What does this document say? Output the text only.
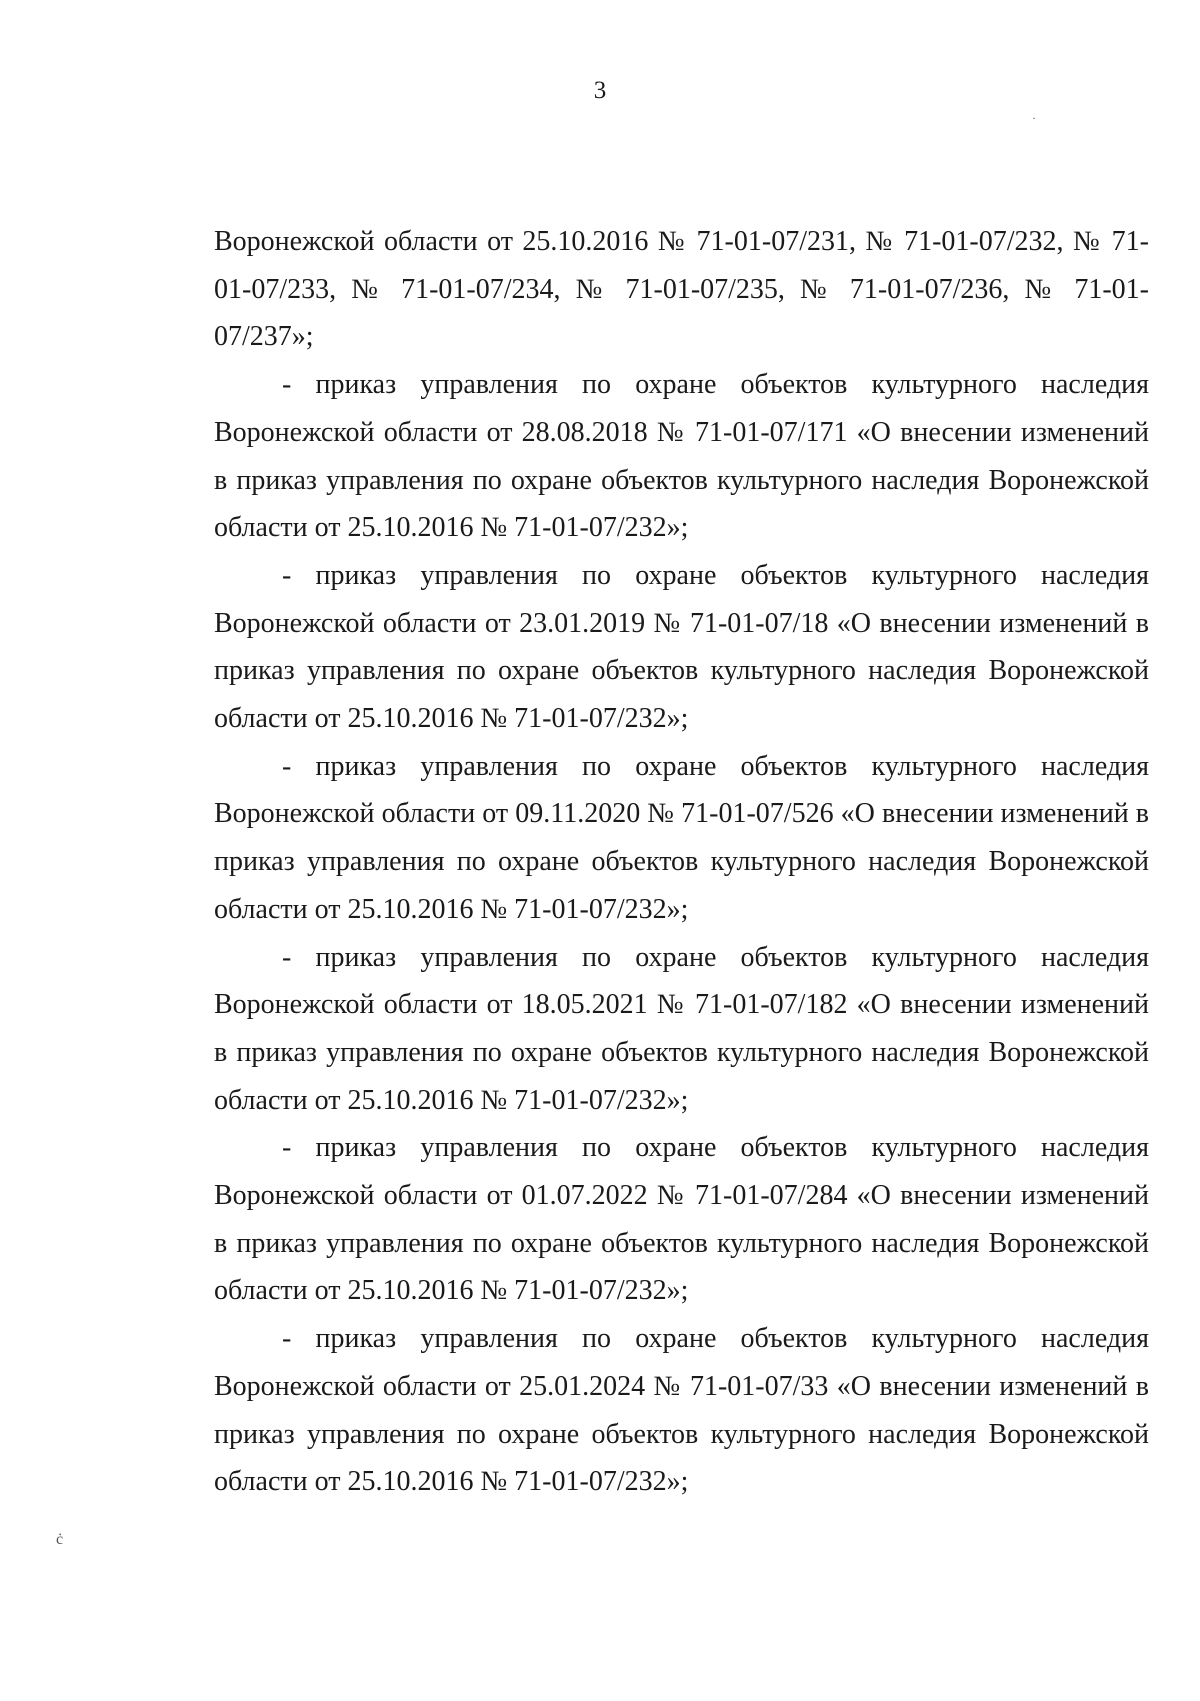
3

Воронежской области от 25.10.2016 № 71-01-07/231, № 71-01-07/232, № 71-01-07/233, № 71-01-07/234, № 71-01-07/235, № 71-01-07/236, № 71-01-07/237»;

- приказ управления по охране объектов культурного наследия Воронежской области от 28.08.2018 № 71-01-07/171 «О внесении изменений в приказ управления по охране объектов культурного наследия Воронежской области от 25.10.2016 № 71-01-07/232»;

- приказ управления по охране объектов культурного наследия Воронежской области от 23.01.2019 № 71-01-07/18 «О внесении изменений в приказ управления по охране объектов культурного наследия Воронежской области от 25.10.2016 № 71-01-07/232»;

- приказ управления по охране объектов культурного наследия Воронежской области от 09.11.2020 № 71-01-07/526 «О внесении изменений в приказ управления по охране объектов культурного наследия Воронежской области от 25.10.2016 № 71-01-07/232»;

- приказ управления по охране объектов культурного наследия Воронежской области от 18.05.2021 № 71-01-07/182 «О внесении изменений в приказ управления по охране объектов культурного наследия Воронежской области от 25.10.2016 № 71-01-07/232»;

- приказ управления по охране объектов культурного наследия Воронежской области от 01.07.2022 № 71-01-07/284 «О внесении изменений в приказ управления по охране объектов культурного наследия Воронежской области от 25.10.2016 № 71-01-07/232»;

- приказ управления по охране объектов культурного наследия Воронежской области от 25.01.2024 № 71-01-07/33 «О внесении изменений в приказ управления по охране объектов культурного наследия Воронежской области от 25.10.2016 № 71-01-07/232»;

·
ċ
